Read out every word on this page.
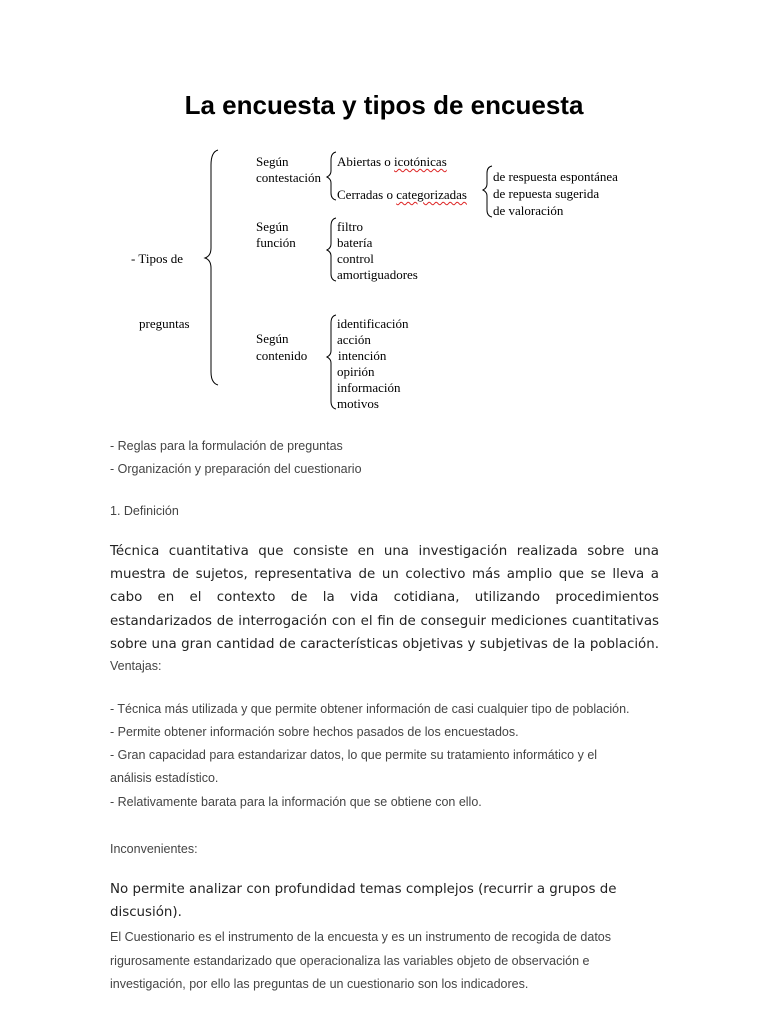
La encuesta y tipos de encuesta
- Tipos de
preguntas
Según
contestación
Abiertas o icotónicas
Cerradas o categorizadas
de respuesta espontánea
de repuesta sugerida
de valoración
Según
función
filtro
batería
control
amortiguadores
Según
contenido
identificación
acción
intención
opirión
información
motivos
- Reglas para la formulación de preguntas
- Organización y preparación del cuestionario
1. Definición
Técnica cuantitativa que consiste en una investigación realizada sobre una muestra de sujetos, representativa de un colectivo más amplio que se lleva a cabo en el contexto de la vida cotidiana, utilizando procedimientos estandarizados de interrogación con el fin de conseguir mediciones cuantitativas sobre una gran cantidad de características objetivas y subjetivas de la población.
Ventajas:
- Técnica más utilizada y que permite obtener información de casi cualquier tipo de población.
- Permite obtener información sobre hechos pasados de los encuestados.
- Gran capacidad para estandarizar datos, lo que permite su tratamiento informático y el
análisis estadístico.
- Relativamente barata para la información que se obtiene con ello.
Inconvenientes:
No permite analizar con profundidad temas complejos (recurrir a grupos de discusión).
El Cuestionario es el instrumento de la encuesta y es un instrumento de recogida de datos
rigurosamente estandarizado que operacionaliza las variables objeto de observación e
investigación, por ello las preguntas de un cuestionario son los indicadores.
